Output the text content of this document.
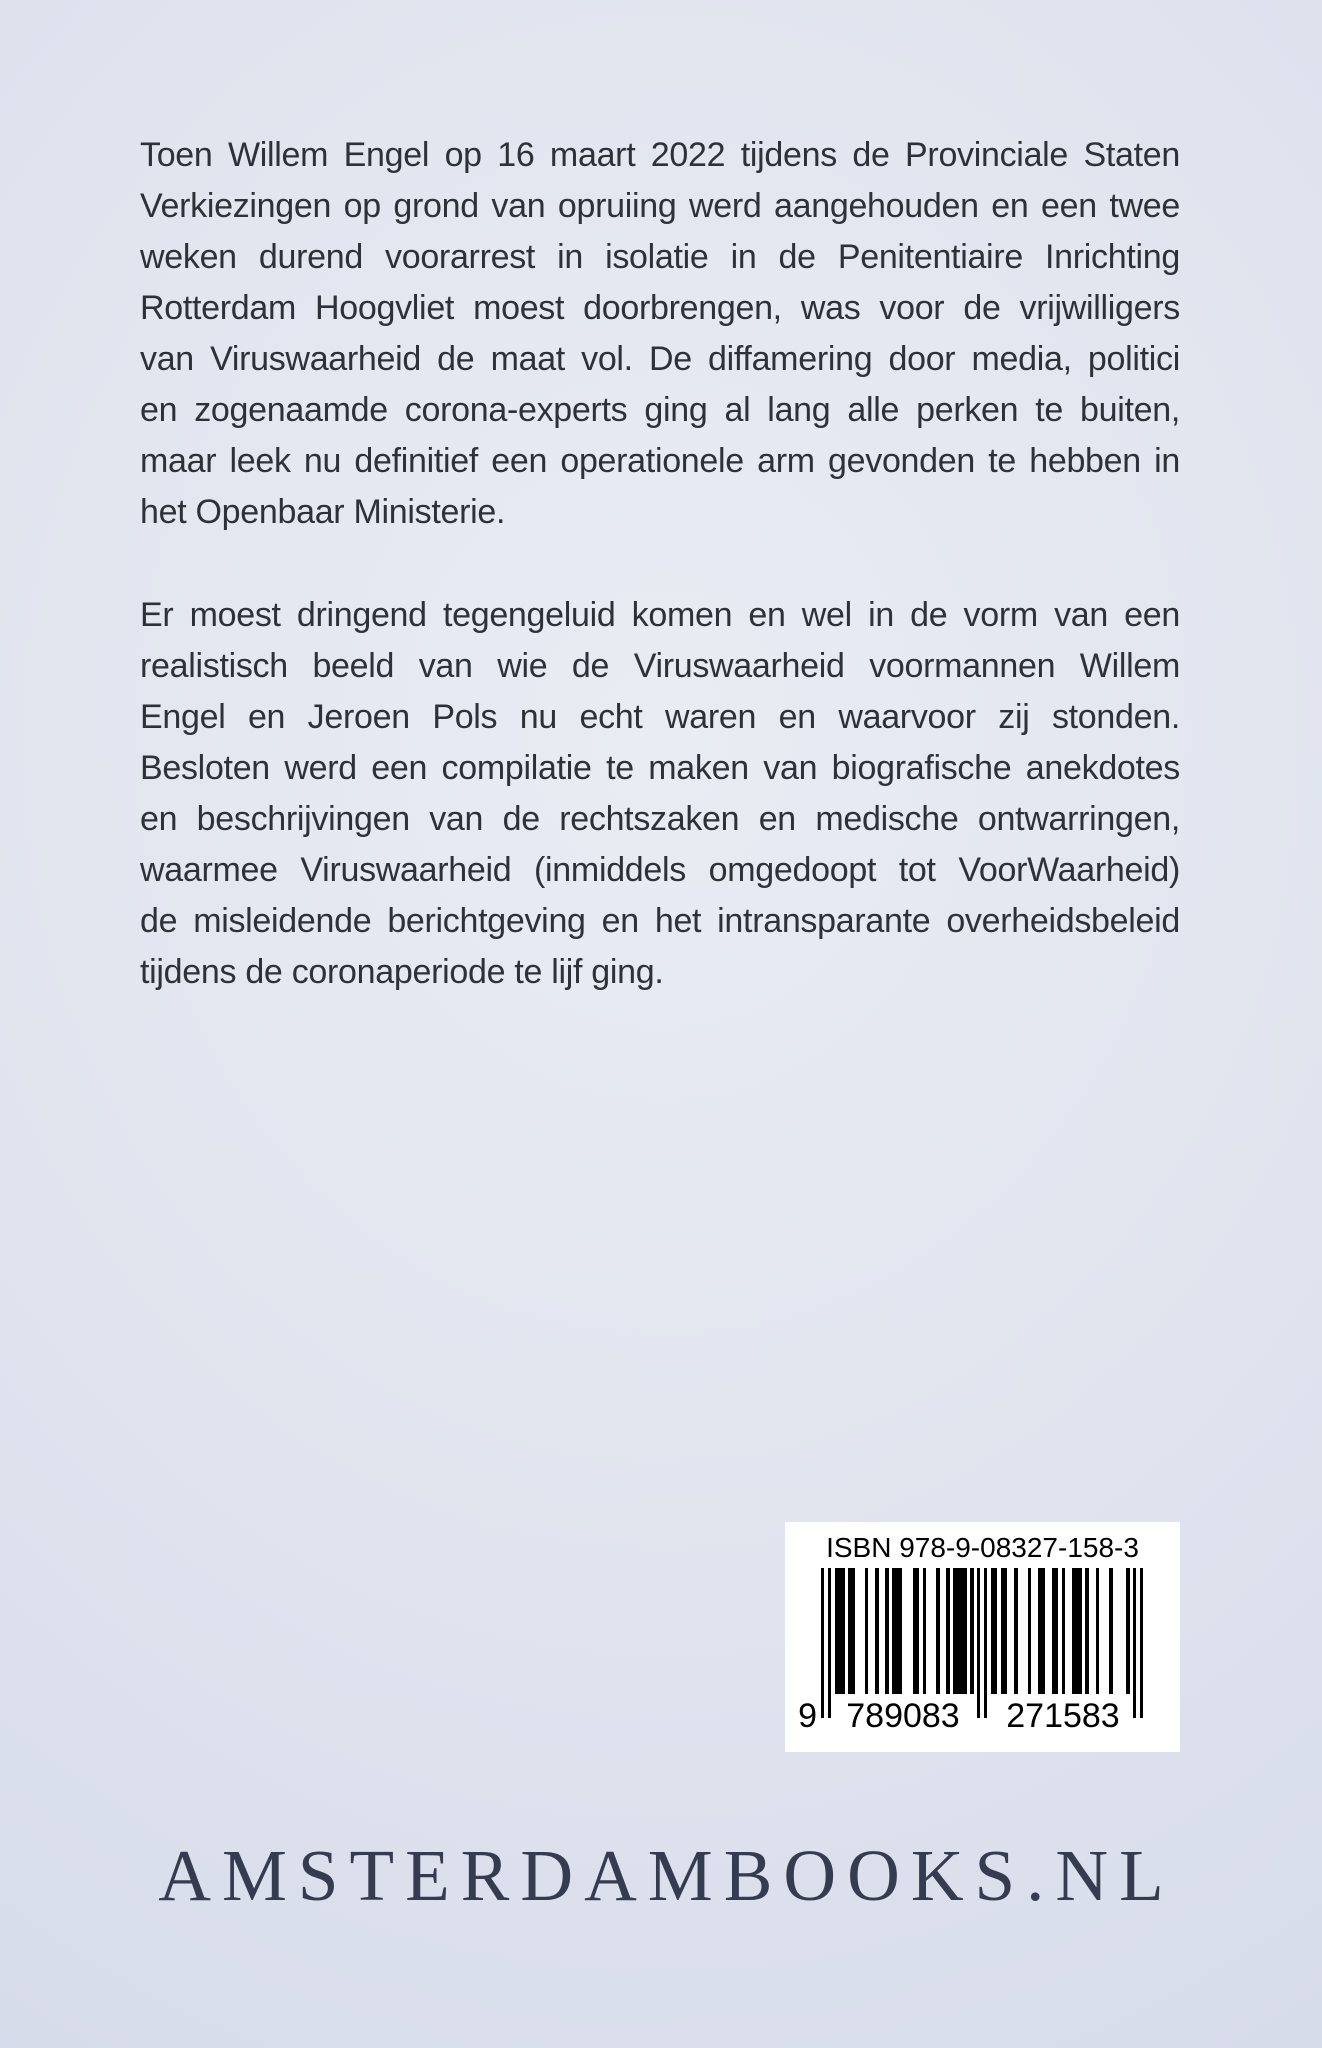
Toen Willem Engel op 16 maart 2022 tijdens de Provinciale Staten
Verkiezingen op grond van opruiing werd aangehouden en een twee
weken durend voorarrest in isolatie in de Penitentiaire Inrichting
Rotterdam Hoogvliet moest doorbrengen, was voor de vrijwilligers
van Viruswaarheid de maat vol. De diffamering door media, politici
en zogenaamde corona-experts ging al lang alle perken te buiten,
maar leek nu definitief een operationele arm gevonden te hebben in
het Openbaar Ministerie.
Er moest dringend tegengeluid komen en wel in de vorm van een
realistisch beeld van wie de Viruswaarheid voormannen Willem
Engel en Jeroen Pols nu echt waren en waarvoor zij stonden.
Besloten werd een compilatie te maken van biografische anekdotes
en beschrijvingen van de rechtszaken en medische ontwarringen,
waarmee Viruswaarheid (inmiddels omgedoopt tot VoorWaarheid)
de misleidende berichtgeving en het intransparante overheidsbeleid
tijdens de coronaperiode te lijf ging.
ISBN 978-9-08327-158-3
9 789083	271583
AMSTERDAMBOOKS.NL
